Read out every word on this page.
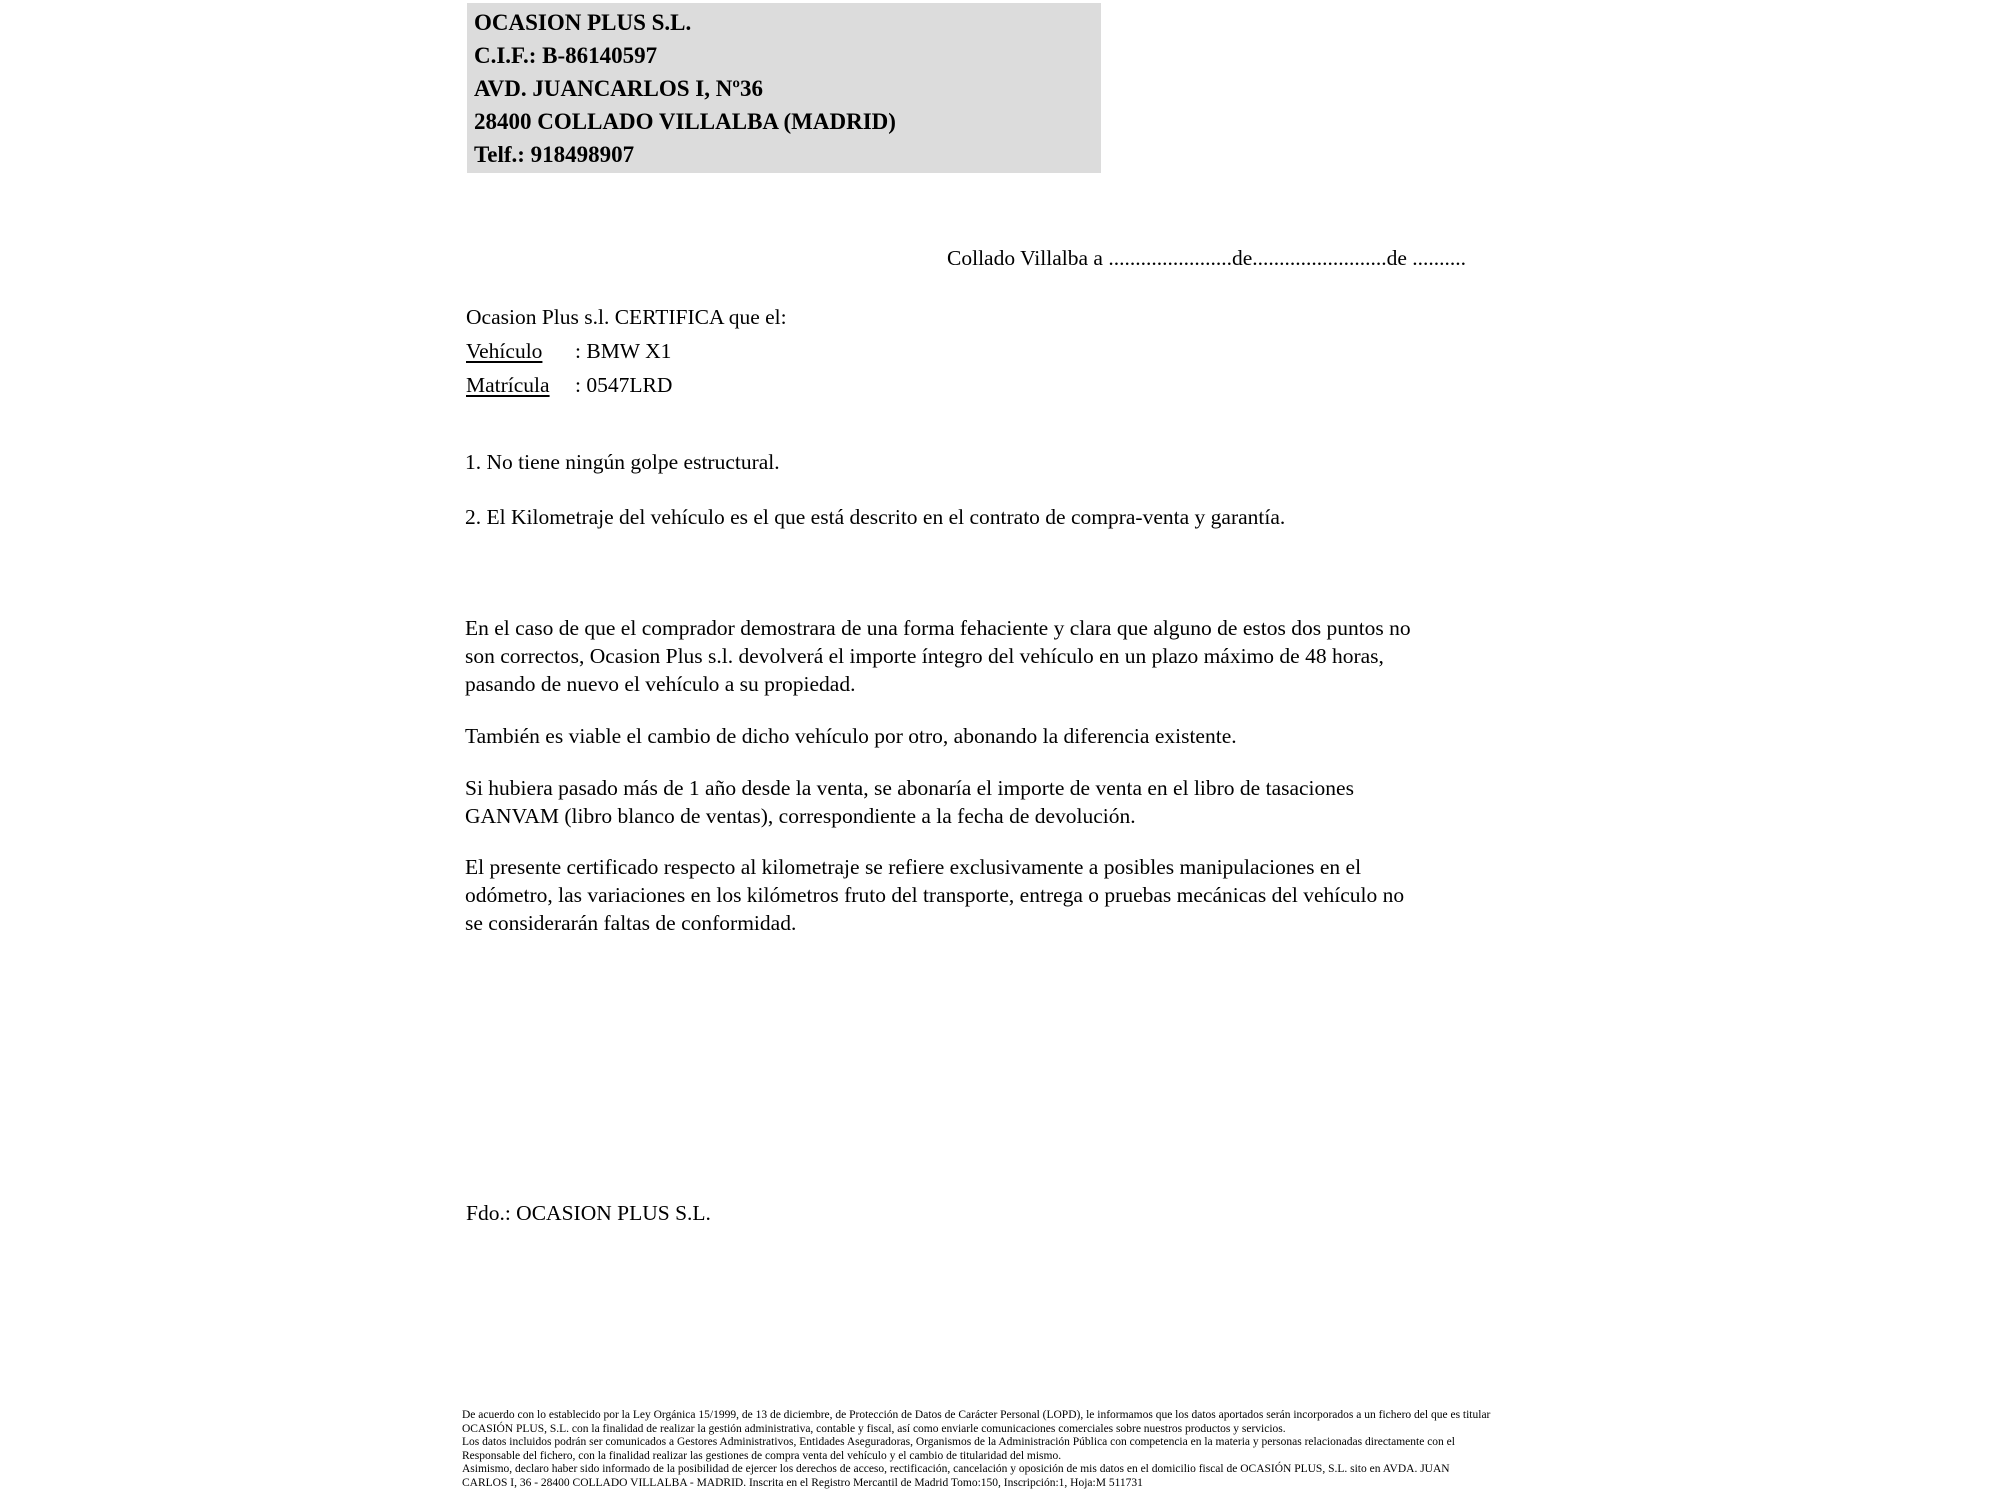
OCASION PLUS S.L.
C.I.F.: B-86140597
AVD. JUANCARLOS I, Nº36
28400 COLLADO VILLALBA (MADRID)
Telf.: 918498907
Collado Villalba a .......................de.........................de ..........
Ocasion Plus s.l. CERTIFICA que el:
Vehículo : BMW X1
Matrícula : 0547LRD
1. No tiene ningún golpe estructural.
2. El Kilometraje del vehículo es el que está descrito en el contrato de compra-venta y garantía.
En el caso de que el comprador demostrara de una forma fehaciente y clara que alguno de estos dos puntos no
son correctos, Ocasion Plus s.l. devolverá el importe íntegro del vehículo en un plazo máximo de 48 horas,
pasando de nuevo el vehículo a su propiedad.
También es viable el cambio de dicho vehículo por otro, abonando la diferencia existente.
Si hubiera pasado más de 1 año desde la venta, se abonaría el importe de venta en el libro de tasaciones
GANVAM (libro blanco de ventas), correspondiente a la fecha de devolución.
El presente certificado respecto al kilometraje se refiere exclusivamente a posibles manipulaciones en el
odómetro, las variaciones en los kilómetros fruto del transporte, entrega o pruebas mecánicas del vehículo no
se considerarán faltas de conformidad.
Fdo.: OCASION PLUS S.L.
De acuerdo con lo establecido por la Ley Orgánica 15/1999, de 13 de diciembre, de Protección de Datos de Carácter Personal (LOPD), le informamos que los datos aportados serán incorporados a un fichero del que es titular
OCASIÓN PLUS, S.L. con la finalidad de realizar la gestión administrativa, contable y fiscal, así como enviarle comunicaciones comerciales sobre nuestros productos y servicios.
Los datos incluidos podrán ser comunicados a Gestores Administrativos, Entidades Aseguradoras, Organismos de la Administración Pública con competencia en la materia y personas relacionadas directamente con el
Responsable del fichero, con la finalidad realizar las gestiones de compra venta del vehículo y el cambio de titularidad del mismo.
Asimismo, declaro haber sido informado de la posibilidad de ejercer los derechos de acceso, rectificación, cancelación y oposición de mis datos en el domicilio fiscal de OCASIÓN PLUS, S.L. sito en AVDA. JUAN
CARLOS I, 36 - 28400 COLLADO VILLALBA - MADRID. Inscrita en el Registro Mercantil de Madrid Tomo:150, Inscripción:1, Hoja:M 511731
